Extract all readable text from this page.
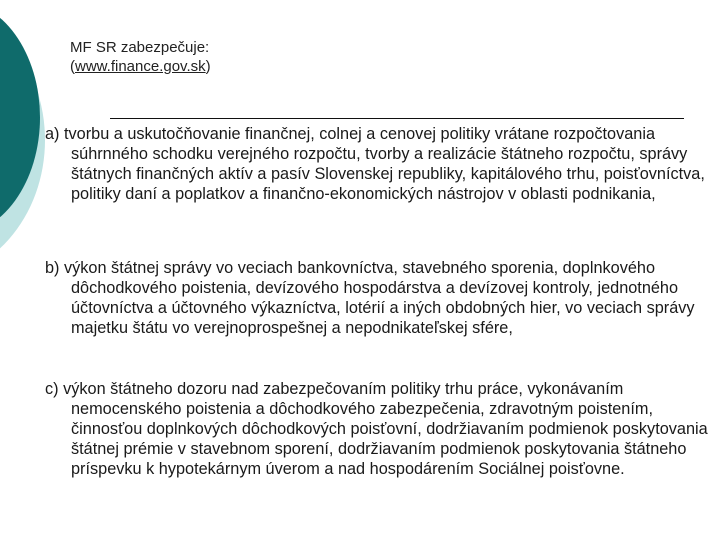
MF SR zabezpečuje:
(www.finance.gov.sk)
a) tvorbu a uskutočňovanie finančnej, colnej a cenovej politiky vrátane rozpočtovania súhrnného schodku verejného rozpočtu, tvorby a realizácie štátneho rozpočtu, správy štátnych finančných aktív a pasív Slovenskej republiky, kapitálového trhu, poisťovníctva, politiky daní a poplatkov a finančno-ekonomických nástrojov v oblasti podnikania,
b) výkon štátnej správy vo veciach bankovníctva, stavebného sporenia, doplnkového dôchodkového poistenia, devízového hospodárstva a devízovej kontroly, jednotného účtovníctva a účtovného výkazníctva, lotérií a iných obdobných hier, vo veciach správy majetku štátu vo verejnoprospešnej a nepodnikateľskej sfére,
c) výkon štátneho dozoru nad zabezpečovaním politiky trhu práce, vykonávaním nemocenského poistenia a dôchodkového zabezpečenia, zdravotným poistením, činnosťou doplnkových dôchodkových poisťovní, dodržiavaním podmienok poskytovania štátnej prémie v stavebnom sporení, dodržiavaním podmienok poskytovania štátneho príspevku k hypotekárnym úverom a nad hospodárením Sociálnej poisťovne.
